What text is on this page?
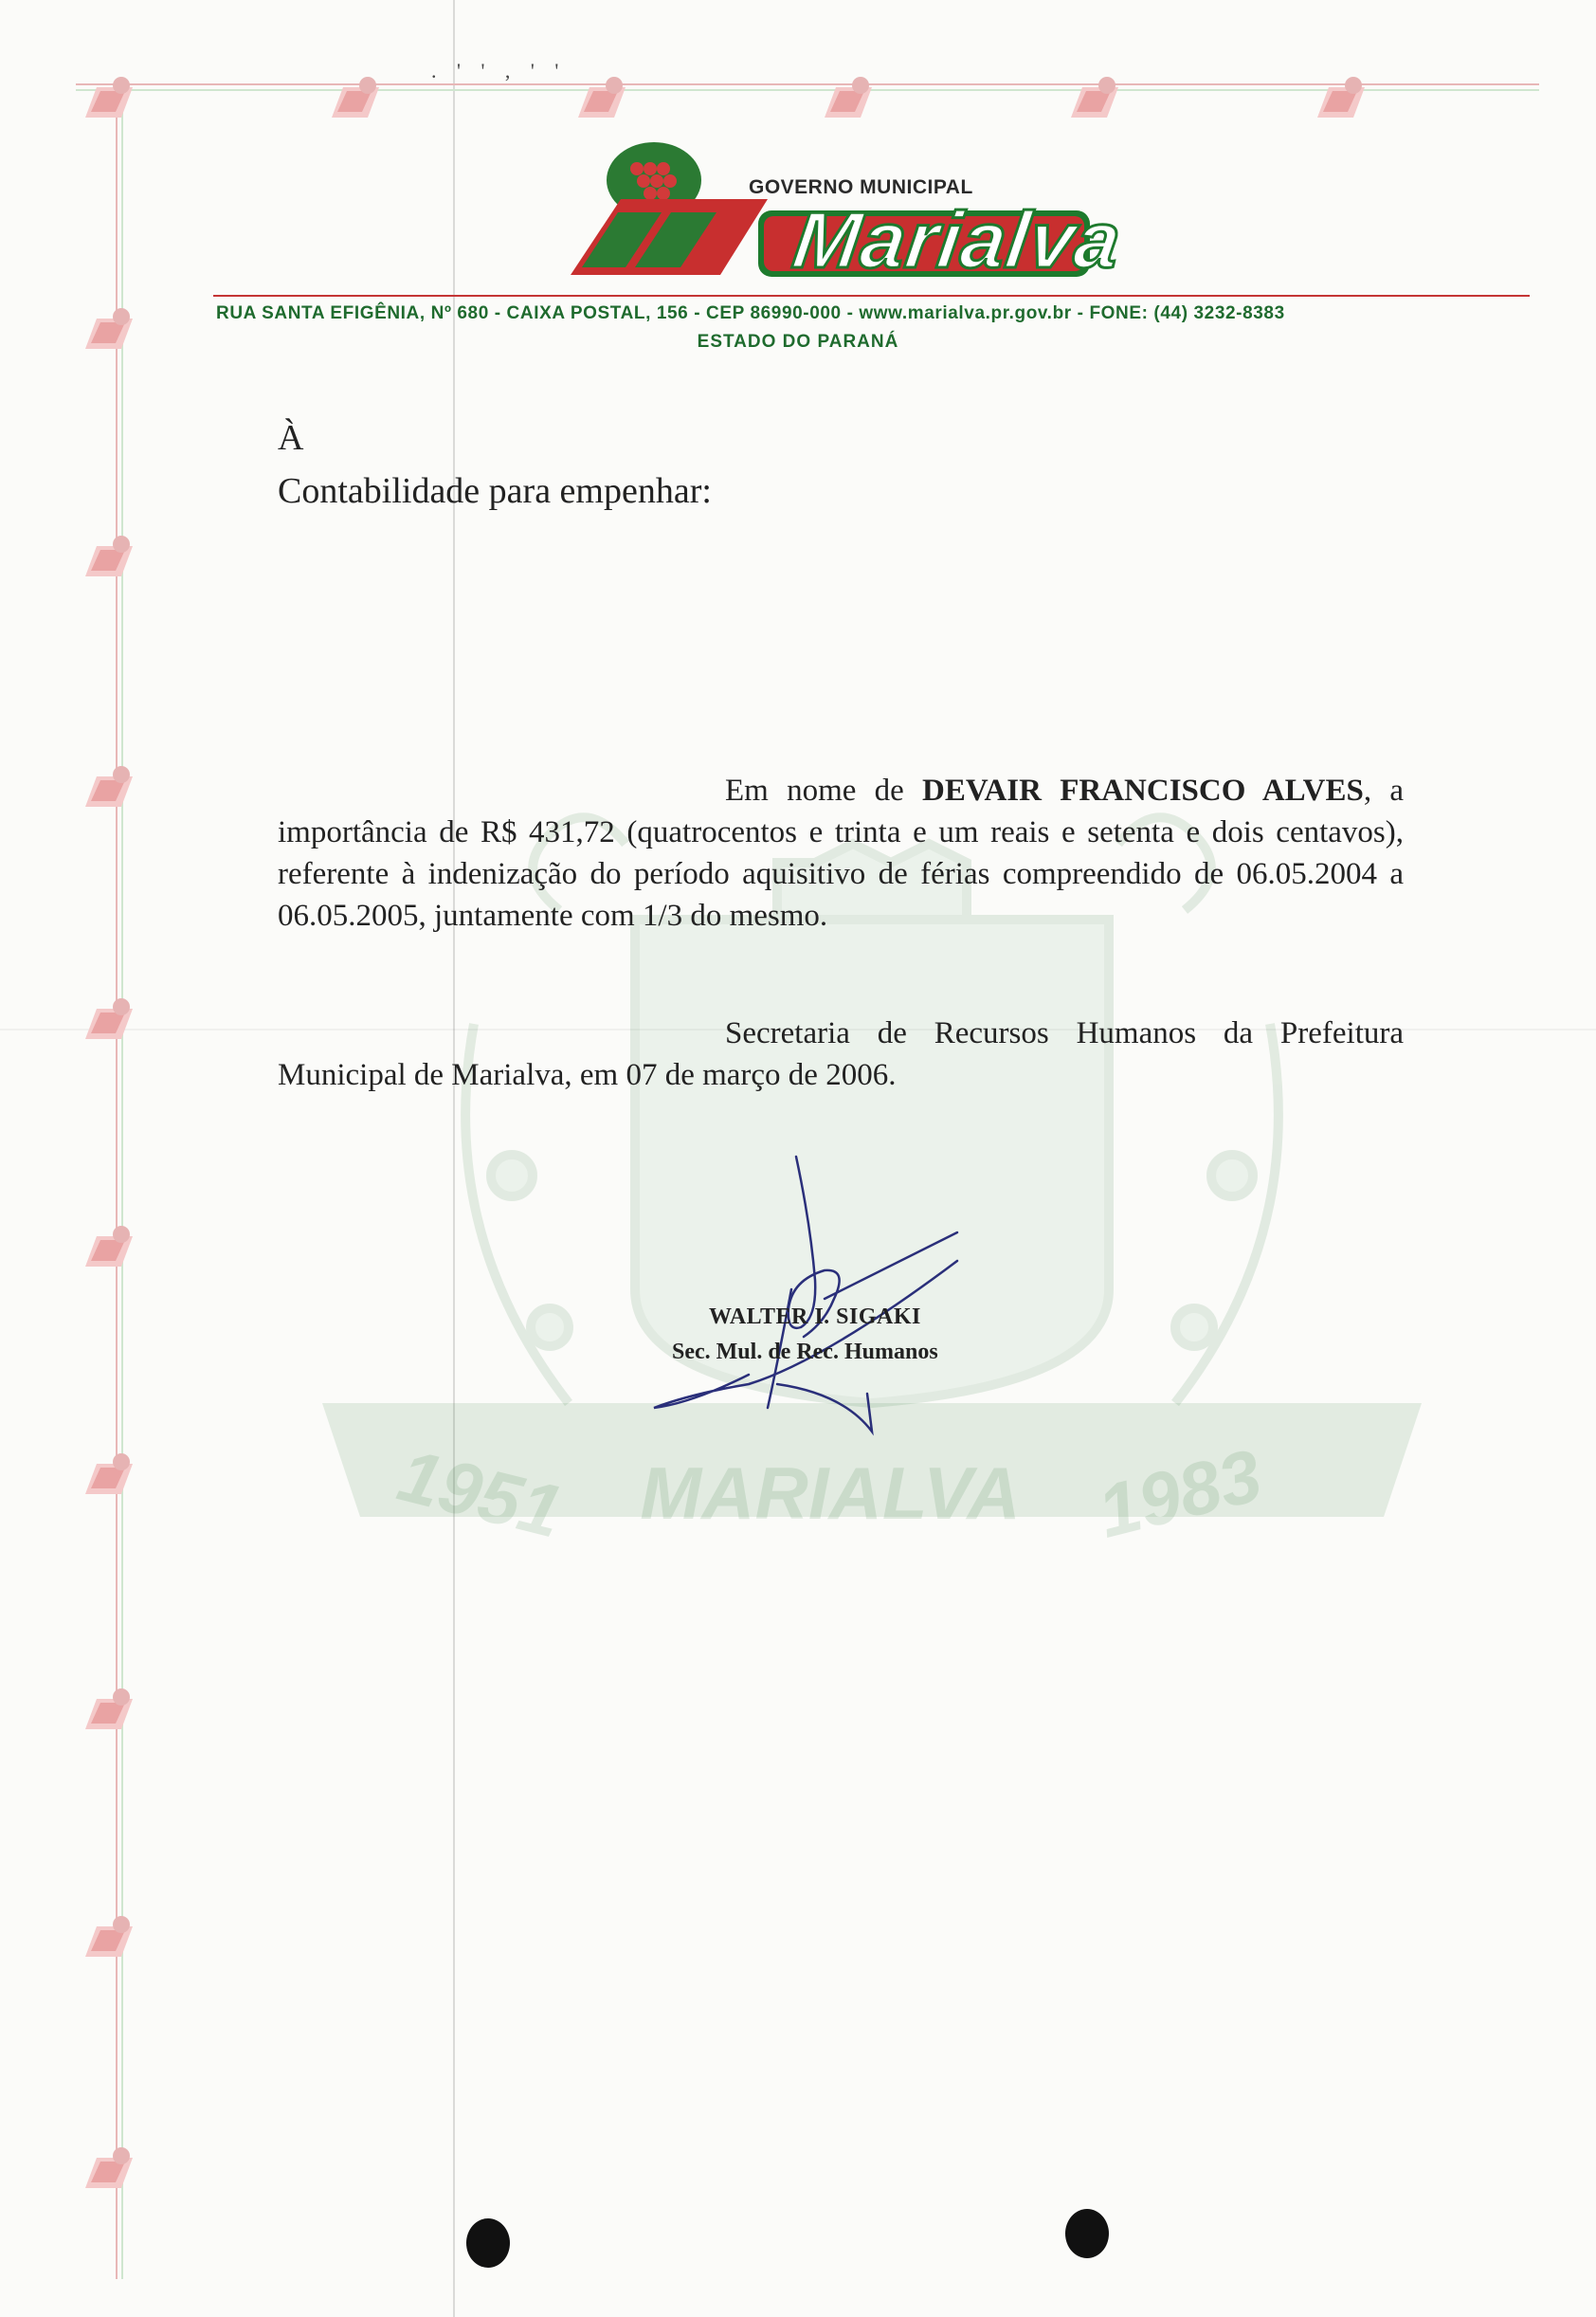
. ' ' , ' '
1951 MARIALVA 1983
GOVERNO MUNICIPAL
Marialva
RUA SANTA EFIGÊNIA, Nº 680 - CAIXA POSTAL, 156 - CEP 86990-000 - www.marialva.pr.gov.br - FONE: (44) 3232-8383
ESTADO DO PARANÁ
À
Contabilidade para empenhar:
Em nome de DEVAIR FRANCISCO ALVES, a importância de R$ 431,72 (quatrocentos e trinta e um reais e setenta e dois centavos), referente à indenização do período aquisitivo de férias compreendido de 06.05.2004 a 06.05.2005, juntamente com 1/3 do mesmo.
Secretaria de Recursos Humanos da Prefeitura Municipal de Marialva, em 07 de março de 2006.
WALTER I. SIGAKI
Sec. Mul. de Rec. Humanos
